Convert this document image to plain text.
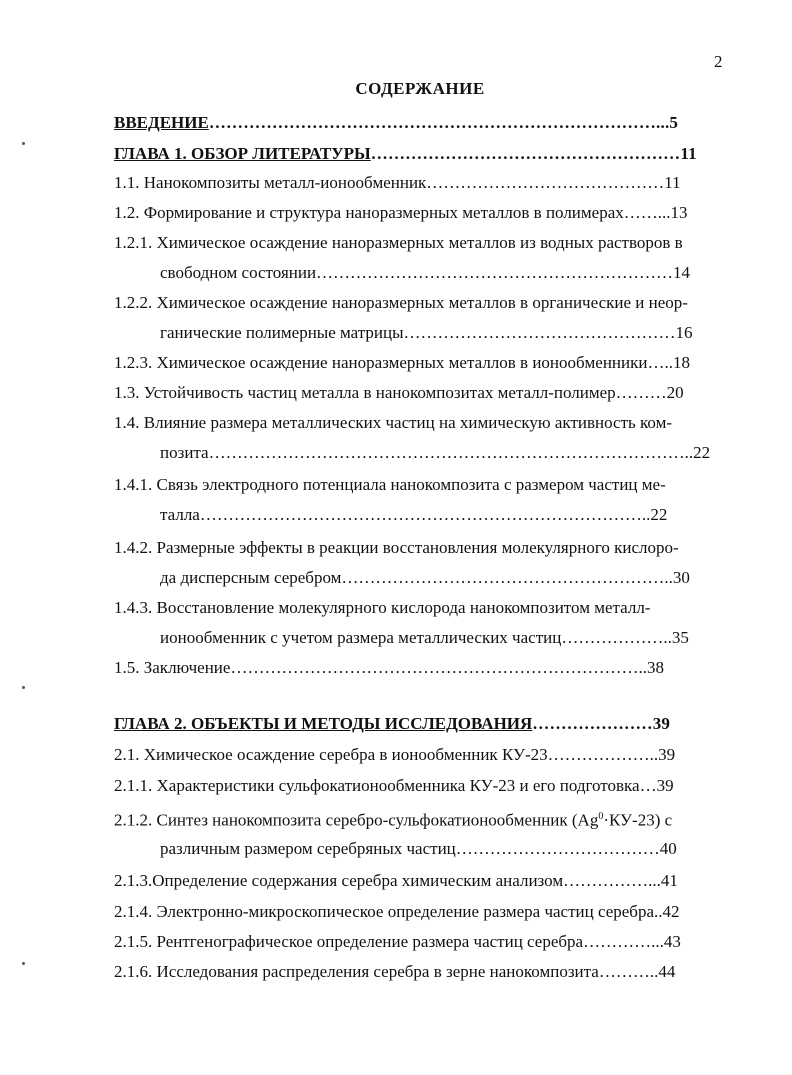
2
СОДЕРЖАНИЕ
ВВЕДЕНИЕ……………………………………………………………………...5
ГЛАВА 1. ОБЗОР ЛИТЕРАТУРЫ………………………………………………11
1.1. Нанокомпозиты металл-ионообменник……………………………………11
1.2. Формирование и структура наноразмерных металлов в полимерах……...13
1.2.1. Химическое осаждение наноразмерных металлов из водных растворов в
свободном состоянии………………………………………………………14
1.2.2. Химическое осаждение наноразмерных металлов в органические и неор-
ганические полимерные матрицы…………………………………………16
1.2.3. Химическое осаждение наноразмерных металлов в ионообменники…..18
1.3. Устойчивость частиц металла в нанокомпозитах металл-полимер………20
1.4. Влияние размера металлических частиц на химическую активность ком-
позита…………………………………………………………………………..22
1.4.1. Связь электродного потенциала нанокомпозита с размером частиц ме-
талла……………………………………………………………………..22
1.4.2. Размерные эффекты в реакции восстановления молекулярного кислоро-
да дисперсным серебром…………………………………………………..30
1.4.3. Восстановление молекулярного кислорода нанокомпозитом металл-
ионообменник с учетом размера металлических частиц………………..35
1.5. Заключение………………………………………………………………..38
ГЛАВА 2. ОБЪЕКТЫ И МЕТОДЫ ИССЛЕДОВАНИЯ…………………39
2.1. Химическое осаждение серебра в ионообменник КУ-23………………..39
2.1.1. Характеристики сульфокатионообменника КУ-23 и его подготовка…39
2.1.2. Синтез нанокомпозита серебро-сульфокатионообменник $(Ag^0\cdot КУ-23)$ с
различным размером серебряных частиц………………………………40
2.1.3.Определение содержания серебра химическим анализом……………...41
2.1.4. Электронно-микроскопическое определение размера частиц серебра..42
2.1.5. Рентгенографическое определение размера частиц серебра…………...43
2.1.6. Исследования распределения серебра в зерне нанокомпозита………..44
